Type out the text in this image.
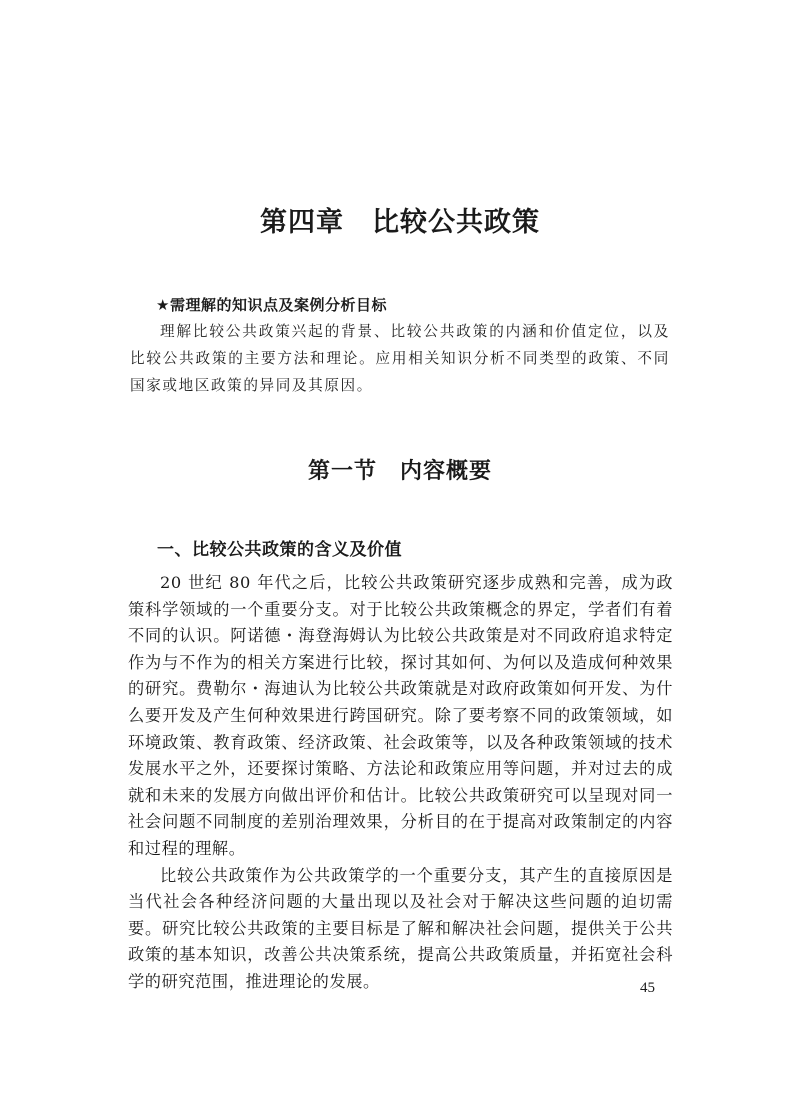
第四章　比较公共政策
★需理解的知识点及案例分析目标

理解比较公共政策兴起的背景、比较公共政策的内涵和价值定位，以及比较公共政策的主要方法和理论。应用相关知识分析不同类型的政策、不同国家或地区政策的异同及其原因。

第一节　内容概要
一、比较公共政策的含义及价值

20 世纪 80 年代之后，比较公共政策研究逐步成熟和完善，成为政策科学领域的一个重要分支。对于比较公共政策概念的界定，学者们有着不同的认识。阿诺德・海登海姆认为比较公共政策是对不同政府追求特定作为与不作为的相关方案进行比较，探讨其如何、为何以及造成何种效果的研究。费勒尔・海迪认为比较公共政策就是对政府政策如何开发、为什么要开发及产生何种效果进行跨国研究。除了要考察不同的政策领域，如环境政策、教育政策、经济政策、社会政策等，以及各种政策领域的技术发展水平之外，还要探讨策略、方法论和政策应用等问题，并对过去的成就和未来的发展方向做出评价和估计。比较公共政策研究可以呈现对同一社会问题不同制度的差别治理效果，分析目的在于提高对政策制定的内容和过程的理解。

比较公共政策作为公共政策学的一个重要分支，其产生的直接原因是当代社会各种经济问题的大量出现以及社会对于解决这些问题的迫切需要。研究比较公共政策的主要目标是了解和解决社会问题，提供关于公共政策的基本知识，改善公共决策系统，提高公共政策质量，并拓宽社会科学的研究范围，推进理论的发展。	45
